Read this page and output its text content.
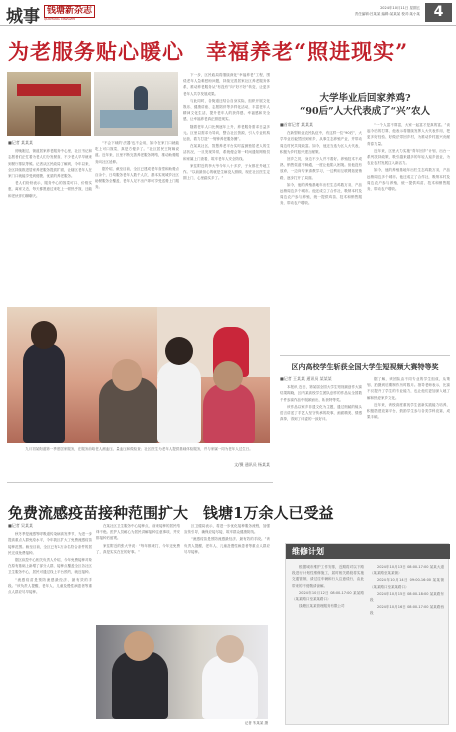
城事 钱塘新杂志
QIANTANG XINZAZHI
2024年10月11日 星期五
责任编辑:吕某某 编辑:某某某 校对:某小某 4
为老服务贴心暖心　幸福养老“照进现实”
■记者 某某某

傍晚刚过，街道居家养老服务中心里，社区书记和志愿者们正忙着为老人们分发餐食，不少老人早早就来到餐厅排队等候。记者从区民政局了解到，今年以来，全区持续推进居家养老服务提质扩面，让辖区老年人在家门口就能享受到便捷、优质的养老服务。

老人们纷纷表示，服务中心的饭菜可口、价格实惠，离家又近，每天都愿意过来吃上一顿热乎饭，还能和老伙伴们聊聊天。

“不会下载的‘法器’也不会用，如今在家门口就能吃上可口饭菜，真是方便多了。”社区居民王阿姨说道。近年来，区里不断完善养老服务网络，推动助餐服务向社区延伸。

据介绍，截至目前，全区已建成老年食堂和助餐点百余个，日均服务老年人数千人次，基本实现城乡社区助餐服务全覆盖，老年人足不出户即可享受送餐上门服务。

下一步，区民政局将继续深化“幸福养老”工程，围绕老年人急难愁盼问题，持续完善居家社区养老服务体系，推动养老服务从“有没有”向“好不好”转变，让更多老年人共享发展成果。

与此同时，各街道还结合自身实际，组织开展文化娱乐、健康讲座、志愿陪伴等多样化活动，丰富老年人精神文化生活，提升老年人的获得感、幸福感和安全感，让幸福养老真正照进现实。

随着老年人口比例逐年上升，养老服务需求日益多元。区里以需求为导向，整合社区资源，引入专业机构运营，着力打造“一刻钟养老服务圈”。

在某某社区，智慧养老平台实时监测独居老人的生活状况，一旦发现异常，系统便会第一时间通知网格员和家属上门查看，筑牢老年人安全防线。

家住附近的李大爷今年八十多岁，子女都在外地工作。“以前最担心的就是生病没人照顾，现在社区医生定期上门，心里踏实多了。”

九月初某街道第一季度居家服务，在服务前给老人测血压、量血压和做检查；社区医生为老年人提供基础体检服务，并与家属一同为老年人过生日。
文/摄 通讯员 杨某某
大学毕业后回家养鸡?
“90后”人大代表成了“兴”农人
■首席记者 某某某

在新型职业农民队伍中，有这样一位“90后”，大学毕业后毅然回到家乡，从事生态养殖产业，并带动周边村民共同致富。如今，他还当选为区人大代表，积极为乡村振兴建言献策。

回乡之初，身边不少人并不看好。养殖技术不成熟、销售渠道不畅通，一度让他陷入困境。但他没有放弃，一边向专家请教学习，一边利用互联网拓宽销路，逐步打开了局面。

如今，他的养殖基地年出栏生态鸡数万羽，产品远销周边多个城市。他还成立了合作社，吸纳本村及周边农户参与养殖，统一提供鸡苗、技术和销售服务，带动农户增收。

“一个人富不算富，大家一起富才是真的富。”谈起今后的打算，他表示将继续发挥人大代表作用，把更多好经验、好做法带回乡村，为推动乡村振兴贡献青春力量。

近年来，区里大力实施“青年回乡”计划，出台一系列扶持政策，吸引越来越多的年轻人返乡创业，为农业农村发展注入新活力。

如今，他的养殖基地年出栏生态鸡数万羽，产品远销周边多个城市。他还成立了合作社，吸纳本村及周边农户参与养殖，统一提供鸡苗、技术和销售服务，带动农户增收。

区内高校学生斩获全国大学生短视频大赛特等奖
■记者 王某某 通讯员 某某某

本报讯 近日，第某届全国大学生短视频创作大赛结果揭晓，区内某高校学生团队创作的作品从全国数千件参赛作品中脱颖而出，斩获特等奖。

该作品以家乡非遗文化为主题，通过细腻的镜头语言讲述了手艺人坚守传承的故事，画面精美、情感真挚，得到了评委的一致好评。

据了解，该团队由不同专业的学生组成，从策划、拍摄到后期制作历时数月。指导老师表示，比赛不仅提升了学生的专业能力，也让他们更加深入地了解和热爱家乡文化。

近年来，该校高度重视学生创新实践能力培养，积极搭建竞赛平台，鼓励学生参与各类学科竞赛，成果丰硕。

免费流感疫苗接种范围扩大　钱塘1万余人已受益
■记者 吴某某

秋冬季是流感等呼吸道传染病高发季节，为进一步提高重点人群免疫水平，今年我区扩大了免费流感疫苗接种范围。截至目前，全区已有1万余名符合条件的居民完成免费接种。

据区疾控中心相关负责人介绍，今年免费接种对象在原有基础上新增了部分人群，接种点覆盖全区各社区卫生服务中心，居民可通过线上平台预约，就近接种。

“流感疫苗是预防流感最经济、最有效的手段。”该负责人提醒，老年人、儿童及慢性病患者等重点人群应尽早接种。

在某社区卫生服务中心接种点，前来接种的居民络绎不绝。医护人员耐心为居民讲解接种注意事项，并安排接种后留观。

家住附近的张大爷说：“每年都来打，今年还免费了，真是实实在在的好事。”

区卫健局表示，将进一步优化接种服务流程，加强宣传引导，确保应接尽接，筑牢群众健康防线。

“流感疫苗是预防流感最经济、最有效的手段。”该负责人提醒，老年人、儿童及慢性病患者等重点人群应尽早接种。

记者 朱某某 摄
维修计划

根据城市维护工作安排，近期将对以下路段进行计划性维修施工，届时相关路段将实施交通管制，请过往车辆和行人注意绕行，由此带来的不便敬请谅解。

2024年10月12日 08:00-17:00 某某路（某某路口至某某路口）

钱塘区某某管理服务有限公司

2024年10月13日 08:00-17:00 某某大道（某某路至某某街）

2024年10月14日 09:00-16:00 某某街（某某路口至某某路口）

2024年10月15日 08:00-18:00 某某路东段

2024年10月16日 08:00-17:00 某某路西段
